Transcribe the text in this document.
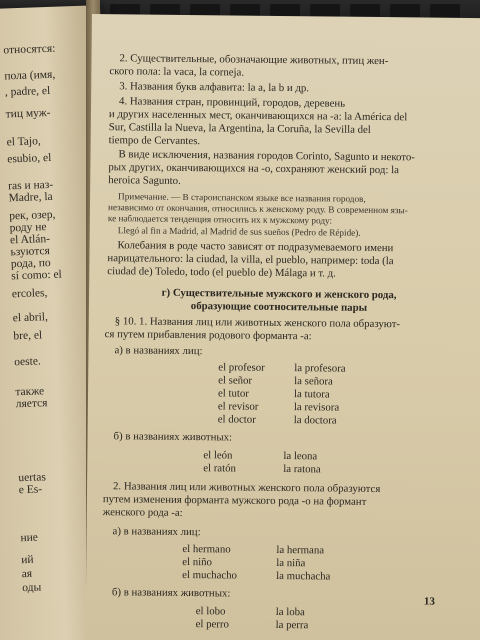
относятся:
пола (имя,
, padre, el
тиц муж-
el Tajo,
esubio, el
ras и наз-
Madre, la
рек, озер,
роду не
el Atlán-
ьзуются
рода, по
sí como: el
ercoles,
el abril,
bre, el
oeste.
также
ляется
uertas
e Es-
ние
ий
ая
оды
2. Существительные, обозначающие животных, птиц жен-
ского пола: la vaca, la corneja.
3. Названия букв алфавита: la a, la b и др.
4. Названия стран, провинций, городов, деревень
и других населенных мест, оканчивающихся на -а: la América del
Sur, Castilla la Nueva, la Argentina, la Coruña, la Sevilla del
tiempo de Cervantes.
В виде исключения, названия городов Corinto, Sagunto и некото-
рых других, оканчивающихся на -о, сохраняют женский род: la
heroica Sagunto.
Примечание. — В староиспанском языке все названия городов,
независимо от окончания, относились к женскому роду. В современном язы-
ке наблюдается тенденция относить их к мужскому роду:
Llegó al fin a Madrid, al Madrid de sus sueños (Pedro de Répide).
Колебания в роде часто зависят от подразумеваемого имени
нарицательного: la ciudad, la villa, el pueblo, например: toda (la
ciudad de) Toledo, todo (el pueblo de) Málaga и т. д.
г) Существительные мужского и женского рода,
образующие соотносительные пары
§ 10. 1. Названия лиц или животных женского пола образуют-
ся путем прибавления родового форманта -а:
а) в названиях лиц:
el profesor	la profesora
el señor	la señora
el tutor	la tutora
el revisor	la revisora
el doctor	la doctora
б) в названиях животных:
el león	la leona
el ratón	la ratona
2. Названия лиц или животных женского пола образуются
путем изменения форманта мужского рода -о на формант
женского рода -а:
а) в названиях лиц:
el hermano	la hermana
el niño	la niña
el muchacho	la muchacha
б) в названиях животных:
el lobo	la loba
el perro	la perra
13
